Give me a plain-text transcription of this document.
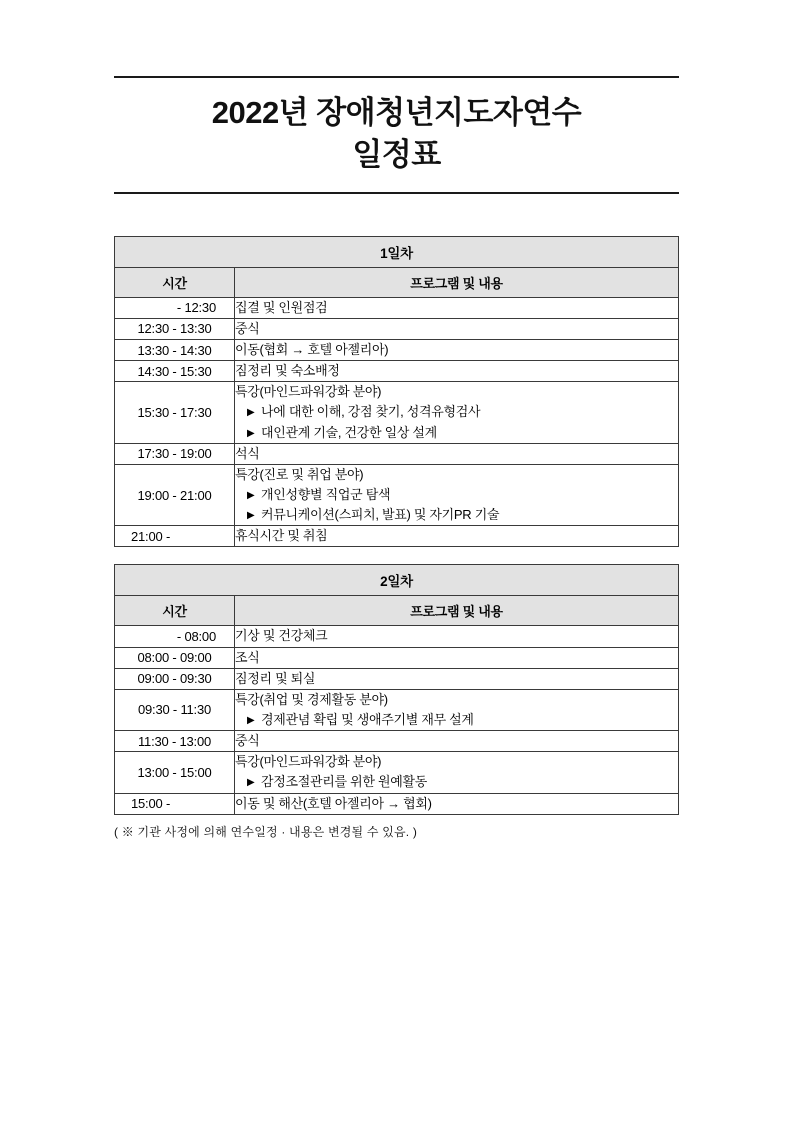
2022년 장애청년지도자연수
일정표
1일차	
시간	프로그램 및 내용
- 12:30	집결 및 인원점검

12:30 - 13:30	중식

13:30 - 14:30	이동(협회 → 호텔 아젤리아)

14:30 - 15:30	짐정리 및 숙소배정

15:30 - 17:30	특강(마인드파워강화 분야)
▶ 나에 대한 이해, 강점 찾기, 성격유형검사
▶ 대인관계 기술, 건강한 일상 설계

17:30 - 19:00	석식

19:00 - 21:00	특강(진로 및 취업 분야)
▶ 개인성향별 직업군 탐색
▶ 커뮤니케이션(스피치, 발표) 및 자기PR 기술

21:00 -	휴식시간 및 취침
2일차	
시간	프로그램 및 내용
- 08:00	기상 및 건강체크

08:00 - 09:00	조식

09:00 - 09:30	짐정리 및 퇴실

09:30 - 11:30	특강(취업 및 경제활동 분야)
▶ 경제관념 확립 및 생애주기별 재무 설계

11:30 - 13:00	중식

13:00 - 15:00	특강(마인드파워강화 분야)
▶ 감정조절관리를 위한 원예활동

15:00 -	이동 및 해산(호텔 아젤리아 → 협회)
( ※ 기관 사정에 의해 연수일정 · 내용은 변경될 수 있음. )
